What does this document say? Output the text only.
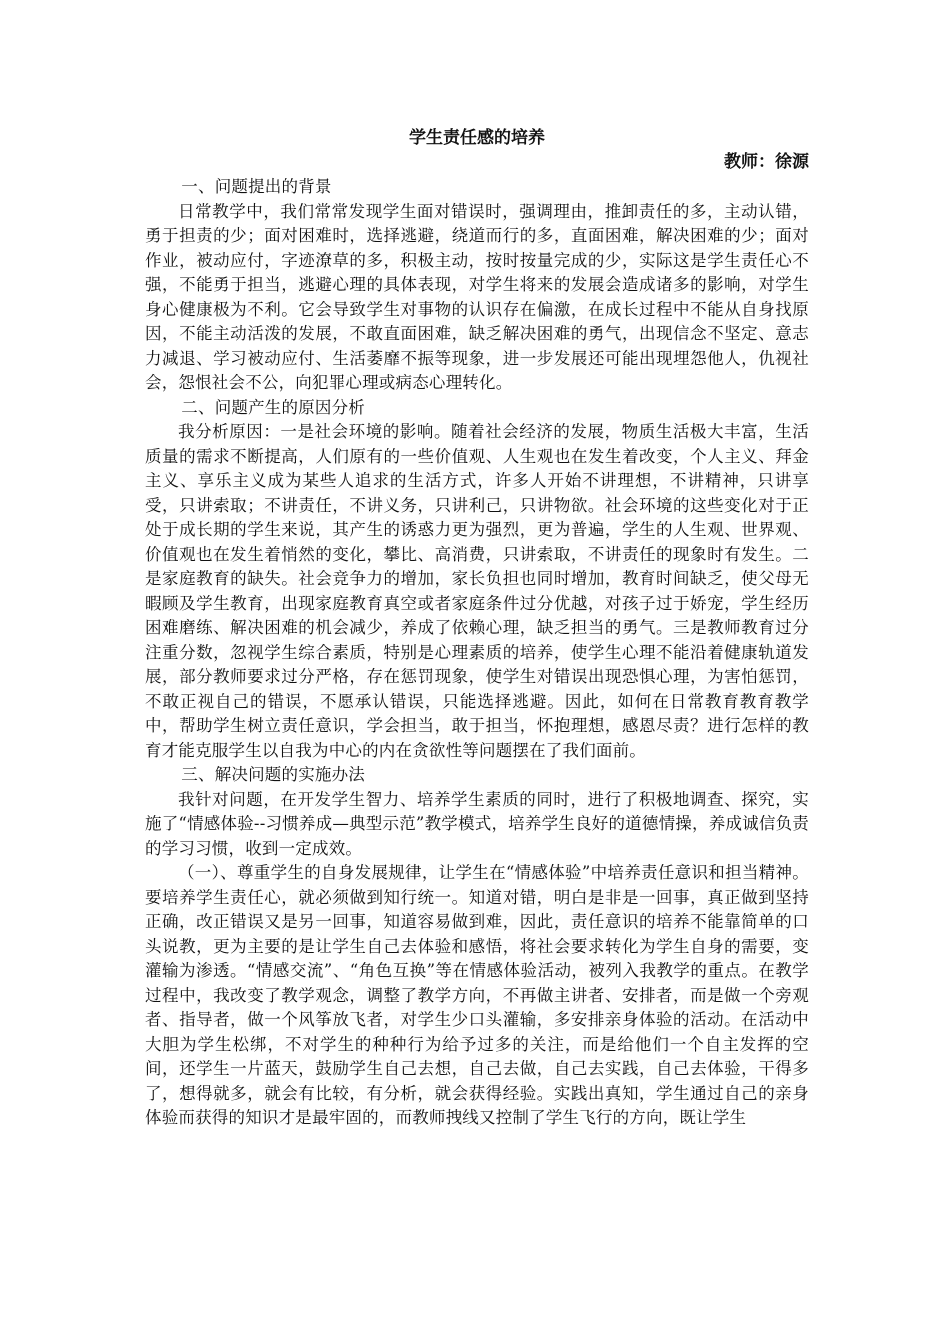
学生责任感的培养
教师：徐源

一、问题提出的背景

日常教学中，我们常常发现学生面对错误时，强调理由，推卸责任的多，主动认错，勇于担责的少；面对困难时，选择逃避，绕道而行的多，直面困难，解决困难的少；面对作业，被动应付，字迹潦草的多，积极主动，按时按量完成的少，实际这是学生责任心不强，不能勇于担当，逃避心理的具体表现，对学生将来的发展会造成诸多的影响，对学生身心健康极为不利。它会导致学生对事物的认识存在偏激，在成长过程中不能从自身找原因，不能主动活泼的发展，不敢直面困难，缺乏解决困难的勇气，出现信念不坚定、意志力减退、学习被动应付、生活萎靡不振等现象，进一步发展还可能出现埋怨他人，仇视社会，怨恨社会不公，向犯罪心理或病态心理转化。

二、问题产生的原因分析

我分析原因：一是社会环境的影响。随着社会经济的发展，物质生活极大丰富，生活质量的需求不断提高，人们原有的一些价值观、人生观也在发生着改变，个人主义、拜金主义、享乐主义成为某些人追求的生活方式，许多人开始不讲理想，不讲精神，只讲享受，只讲索取；不讲责任，不讲义务，只讲利己，只讲物欲。社会环境的这些变化对于正处于成长期的学生来说，其产生的诱惑力更为强烈，更为普遍，学生的人生观、世界观、价值观也在发生着悄然的变化，攀比、高消费，只讲索取，不讲责任的现象时有发生。二是家庭教育的缺失。社会竞争力的增加，家长负担也同时增加，教育时间缺乏，使父母无暇顾及学生教育，出现家庭教育真空或者家庭条件过分优越，对孩子过于娇宠，学生经历困难磨练、解决困难的机会减少，养成了依赖心理，缺乏担当的勇气。三是教师教育过分注重分数，忽视学生综合素质，特别是心理素质的培养，使学生心理不能沿着健康轨道发展，部分教师要求过分严格，存在惩罚现象，使学生对错误出现恐惧心理，为害怕惩罚，不敢正视自己的错误，不愿承认错误，只能选择逃避。因此，如何在日常教育教育教学中，帮助学生树立责任意识，学会担当，敢于担当，怀抱理想，感恩尽责？进行怎样的教育才能克服学生以自我为中心的内在贪欲性等问题摆在了我们面前。

三、解决问题的实施办法

我针对问题，在开发学生智力、培养学生素质的同时，进行了积极地调查、探究，实施了“情感体验--习惯养成—典型示范”教学模式，培养学生良好的道德情操，养成诚信负责的学习习惯，收到一定成效。

（一）、尊重学生的自身发展规律，让学生在“情感体验”中培养责任意识和担当精神。要培养学生责任心，就必须做到知行统一。知道对错，明白是非是一回事，真正做到坚持正确，改正错误又是另一回事，知道容易做到难，因此，责任意识的培养不能靠简单的口头说教，更为主要的是让学生自己去体验和感悟，将社会要求转化为学生自身的需要，变灌输为渗透。“情感交流”、“角色互换”等在情感体验活动，被列入我教学的重点。在教学过程中，我改变了教学观念，调整了教学方向，不再做主讲者、安排者，而是做一个旁观者、指导者，做一个风筝放飞者，对学生少口头灌输，多安排亲身体验的活动。在活动中大胆为学生松绑，不对学生的种种行为给予过多的关注，而是给他们一个自主发挥的空间，还学生一片蓝天，鼓励学生自己去想，自己去做，自己去实践，自己去体验，干得多了，想得就多，就会有比较，有分析，就会获得经验。实践出真知，学生通过自己的亲身体验而获得的知识才是最牢固的，而教师拽线又控制了学生飞行的方向，既让学生
